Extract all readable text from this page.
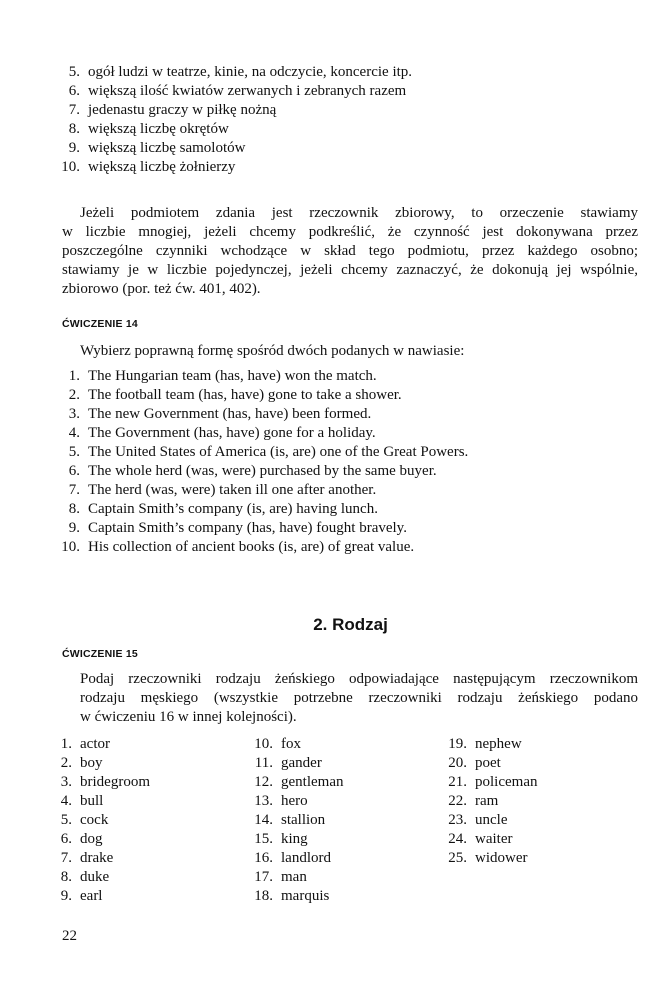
5. ogół ludzi w teatrze, kinie, na odczycie, koncercie itp.
6. większą ilość kwiatów zerwanych i zebranych razem
7. jedenastu graczy w piłkę nożną
8. większą liczbę okrętów
9. większą liczbę samolotów
10. większą liczbę żołnierzy
Jeżeli podmiotem zdania jest rzeczownik zbiorowy, to orzeczenie stawiamy
w liczbie mnogiej, jeżeli chcemy podkreślić, że czynność jest dokonywana przez
poszczególne czynniki wchodzące w skład tego podmiotu, przez każdego osobno;
stawiamy je w liczbie pojedynczej, jeżeli chcemy zaznaczyć, że dokonują jej wspólnie,
zbiorowo (por. też ćw. 401, 402).
ĆWICZENIE 14
Wybierz poprawną formę spośród dwóch podanych w nawiasie:
1. The Hungarian team (has, have) won the match.
2. The football team (has, have) gone to take a shower.
3. The new Government (has, have) been formed.
4. The Government (has, have) gone for a holiday.
5. The United States of America (is, are) one of the Great Powers.
6. The whole herd (was, were) purchased by the same buyer.
7. The herd (was, were) taken ill one after another.
8. Captain Smith’s company (is, are) having lunch.
9. Captain Smith’s company (has, have) fought bravely.
10. His collection of ancient books (is, are) of great value.
2. Rodzaj
ĆWICZENIE 15
Podaj rzeczowniki rodzaju żeńskiego odpowiadające następującym rzeczownikom
rodzaju męskiego (wszystkie potrzebne rzeczowniki rodzaju żeńskiego podano
w ćwiczeniu 16 w innej kolejności).
1. actor
2. boy
3. bridegroom
4. bull
5. cock
6. dog
7. drake
8. duke
9. earl
10. fox
11. gander
12. gentleman
13. hero
14. stallion
15. king
16. landlord
17. man
18. marquis
19. nephew
20. poet
21. policeman
22. ram
23. uncle
24. waiter
25. widower
22
